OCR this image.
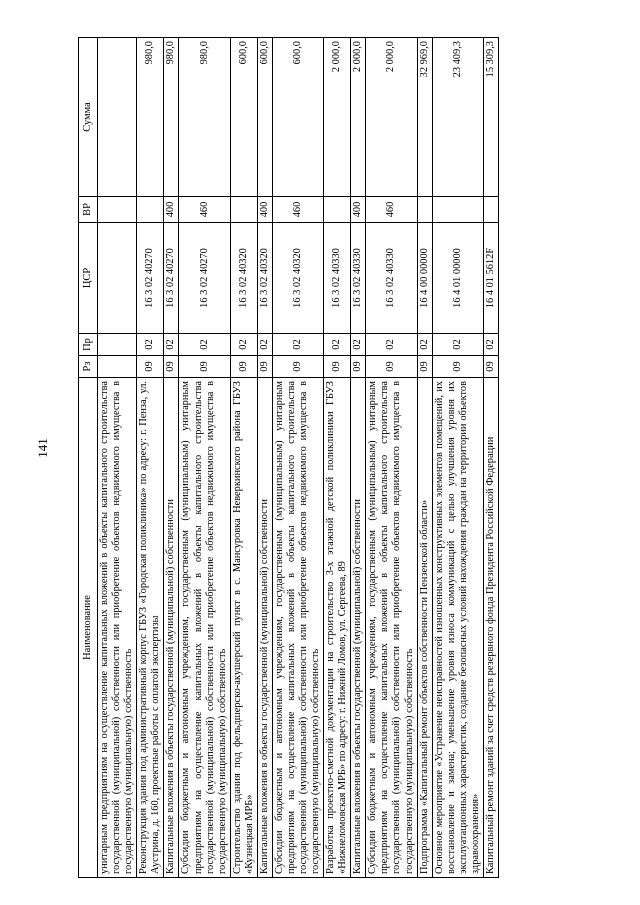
141
Наименование	Рз	Пр	ЦСР	ВР	Сумма
унитарным предприятиям на осуществление капитальных вложений в объекты капитального строительства государственной (муниципальной) собственности или приобретение объектов недвижимого имущества в государственную (муниципальную) собственность					
Реконструкция здания под административный корпус ГБУЗ «Городская поликлиника» по адресу: г. Пенза, ул. Аустрина, д. 160, проектные работы с оплатой экспертизы	09	02	16 3 02 40270		980,0
Капитальные вложения в объекты государственной (муниципальной) собственности	09	02	16 3 02 40270	400	980,0
Субсидии бюджетным и автономным учреждениям, государственным (муниципальным) унитарным предприятиям на осуществление капитальных вложений в объекты капитального строительства государственной (муниципальной) собственности или приобретение объектов недвижимого имущества в государственную (муниципальную) собственность	09	02	16 3 02 40270	460	980,0
Строительство здания под фельдшерско-акушерский пункт в с. Мансуровка Неверкинского района ГБУЗ «Кузнецкая МРБ»	09	02	16 3 02 40320		600,0
Капитальные вложения в объекты государственной (муниципальной) собственности	09	02	16 3 02 40320	400	600,0
Субсидии бюджетным и автономным учреждениям, государственным (муниципальным) унитарным предприятиям на осуществление капитальных вложений в объекты капитального строительства государственной (муниципальной) собственности или приобретение объектов недвижимого имущества в государственную (муниципальную) собственность	09	02	16 3 02 40320	460	600,0
Разработка проектно-сметной документации на строительство 3-х этажной детской поликлиники ГБУЗ «Нижнеломовская МРБ» по адресу: г. Нижний Ломов, ул. Сергеева, 89	09	02	16 3 02 40330		2 000,0
Капитальные вложения в объекты государственной (муниципальной) собственности	09	02	16 3 02 40330	400	2 000,0
Субсидии бюджетным и автономным учреждениям, государственным (муниципальным) унитарным предприятиям на осуществление капитальных вложений в объекты капитального строительства государственной (муниципальной) собственности или приобретение объектов недвижимого имущества в государственную (муниципальную) собственность	09	02	16 3 02 40330	460	2 000,0
Подпрограмма «Капитальный ремонт объектов собственности Пензенской области»	09	02	16 4 00 00000		32 969,0
Основное мероприятие «Устранение неисправностей изношенных конструктивных элементов помещений, их восстановление и замена; уменьшение уровня износа коммуникаций с целью улучшения уровня их эксплуатационных характеристик, создание безопасных условий нахождения граждан на территории объектов здравоохранения»	09	02	16 4 01 00000		23 409,3
Капитальный ремонт зданий за счет средств резервного фонда Президента Российской Федерации	09	02	16 4 01 5612F		15 309,3
